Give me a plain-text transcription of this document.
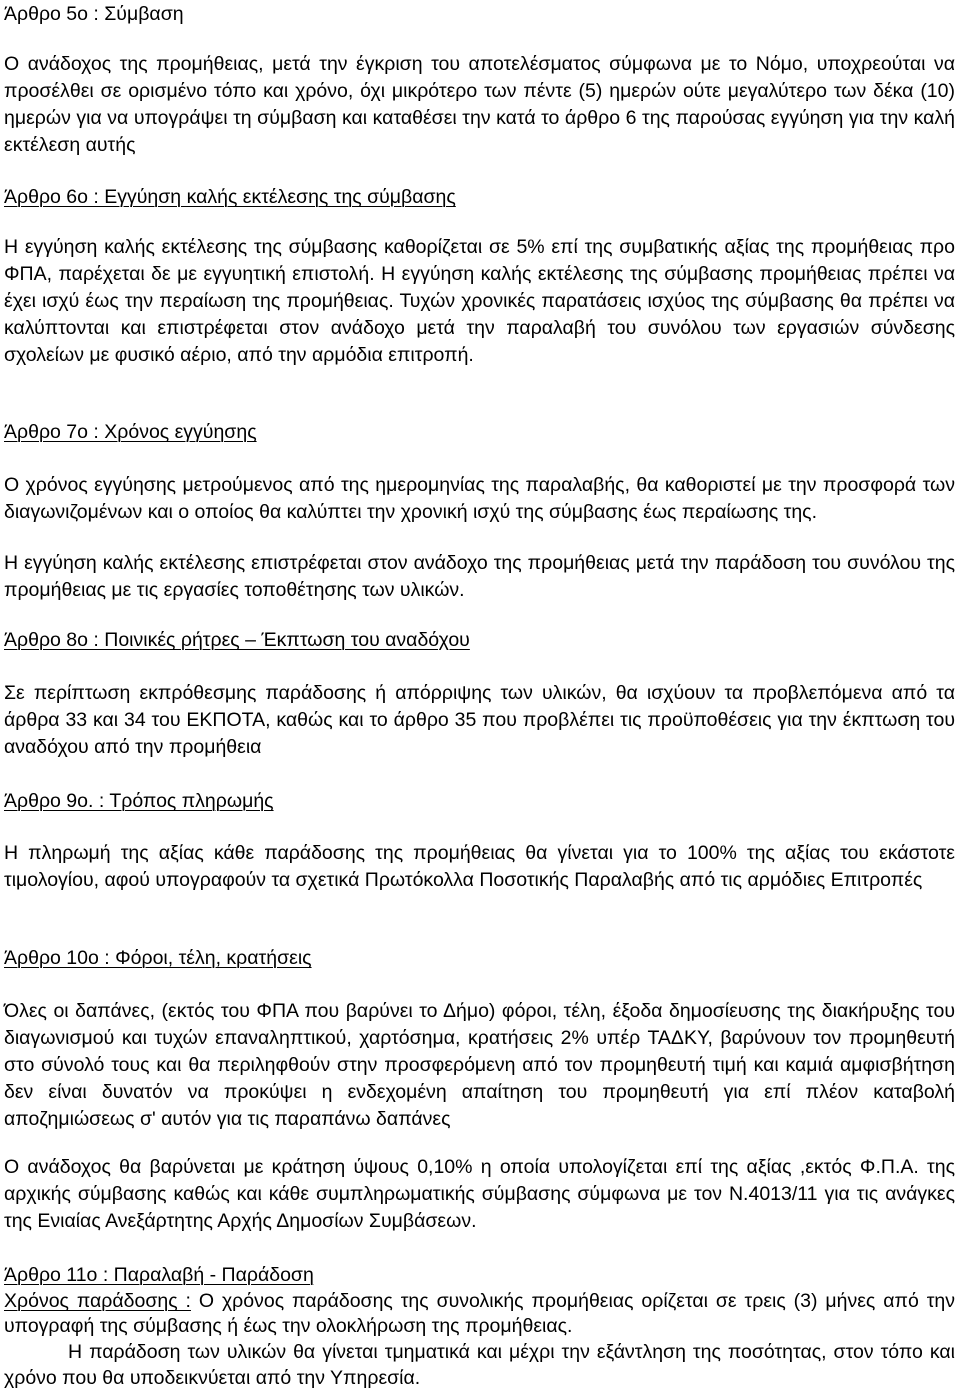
Άρθρο 5ο : Σύμβαση
Ο ανάδοχος της προμήθειας, μετά την έγκριση του αποτελέσματος σύμφωνα με το Νόμο, υποχρεούται να προσέλθει σε ορισμένο τόπο και χρόνο, όχι μικρότερο των πέντε (5) ημερών ούτε μεγαλύτερο των δέκα (10) ημερών για να υπογράψει τη σύμβαση και καταθέσει την κατά το άρθρο 6 της παρούσας εγγύηση για την καλή εκτέλεση αυτής
Άρθρο 6ο : Εγγύηση καλής εκτέλεσης της σύμβασης
Η εγγύηση καλής εκτέλεσης της σύμβασης καθορίζεται σε 5% επί της συμβατικής αξίας της προμήθειας προ ΦΠΑ, παρέχεται δε με εγγυητική επιστολή. Η εγγύηση καλής εκτέλεσης της σύμβασης προμήθειας πρέπει να έχει ισχύ έως την περαίωση της προμήθειας. Τυχών χρονικές παρατάσεις ισχύος της σύμβασης θα πρέπει να καλύπτονται και επιστρέφεται στον ανάδοχο μετά την παραλαβή του συνόλου των εργασιών σύνδεσης σχολείων με φυσικό αέριο, από την αρμόδια επιτροπή.
Άρθρο 7ο : Χρόνος εγγύησης
Ο χρόνος εγγύησης μετρούμενος από της ημερομηνίας της παραλαβής, θα καθοριστεί με την προσφορά των διαγωνιζομένων και ο οποίος θα καλύπτει την χρονική ισχύ της σύμβασης έως περαίωσης της.
Η εγγύηση καλής εκτέλεσης επιστρέφεται στον ανάδοχο της προμήθειας μετά την παράδοση του συνόλου της προμήθειας με τις εργασίες τοποθέτησης των υλικών.
Άρθρο 8ο : Ποινικές ρήτρες – Έκπτωση του αναδόχου
Σε περίπτωση εκπρόθεσμης παράδοσης ή απόρριψης των υλικών, θα ισχύουν τα προβλεπόμενα από τα άρθρα 33 και 34 του ΕΚΠΟΤΑ, καθώς και το άρθρο 35 που προβλέπει τις προϋποθέσεις για την έκπτωση του αναδόχου από την προμήθεια
Άρθρο 9ο. : Τρόπος πληρωμής
Η πληρωμή της αξίας κάθε παράδοσης της προμήθειας θα γίνεται για το 100% της αξίας του εκάστοτε τιμολογίου, αφού υπογραφούν τα σχετικά Πρωτόκολλα Ποσοτικής Παραλαβής από τις αρμόδιες Επιτροπές
Άρθρο 10ο : Φόροι, τέλη, κρατήσεις
Όλες οι δαπάνες, (εκτός του ΦΠΑ που βαρύνει το Δήμο) φόροι, τέλη, έξοδα δημοσίευσης της διακήρυξης του διαγωνισμού και τυχών επαναληπτικού, χαρτόσημα, κρατήσεις 2% υπέρ ΤΑΔΚΥ, βαρύνουν τον προμηθευτή στο σύνολό τους και θα περιληφθούν στην προσφερόμενη από τον προμηθευτή τιμή και καμιά αμφισβήτηση δεν είναι δυνατόν να προκύψει η ενδεχομένη απαίτηση του προμηθευτή για επί πλέον καταβολή αποζημιώσεως σ' αυτόν για τις παραπάνω δαπάνες
Ο ανάδοχος θα βαρύνεται με κράτηση ύψους 0,10% η οποία υπολογίζεται επί της αξίας ,εκτός Φ.Π.Α. της αρχικής σύμβασης καθώς και κάθε συμπληρωματικής σύμβασης σύμφωνα με τον Ν.4013/11 για τις ανάγκες της Ενιαίας Ανεξάρτητης Αρχής Δημοσίων Συμβάσεων.
Άρθρο 11ο : Παραλαβή - Παράδοση
Χρόνος παράδοσης : Ο χρόνος παράδοσης της συνολικής προμήθειας ορίζεται σε τρεις (3) μήνες από την υπογραφή της σύμβασης ή έως την ολοκλήρωση της προμήθειας.
Η παράδοση των υλικών θα γίνεται τμηματικά και μέχρι την εξάντληση της ποσότητας, στον τόπο και χρόνο που θα υποδεικνύεται από την Υπηρεσία.
